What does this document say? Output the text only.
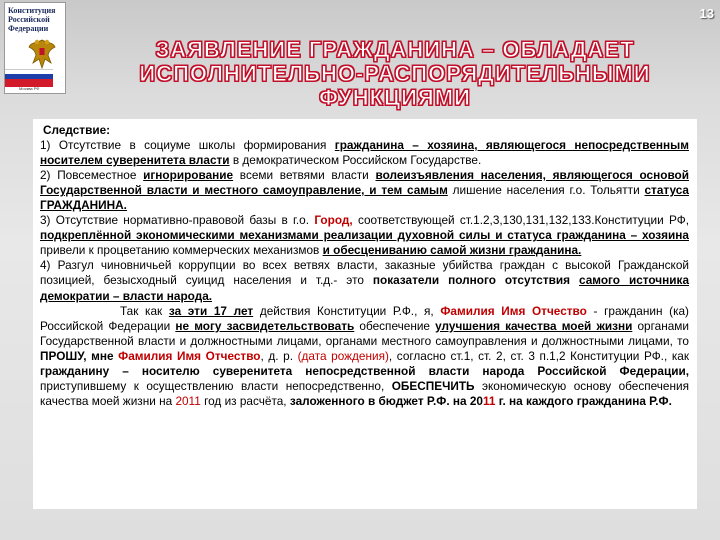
Конституция
Российской
Федерации
Москва РФ
13
ЗАЯВЛЕНИЕ ГРАЖДАНИНА – ОБЛАДАЕТ
ИСПОЛНИТЕЛЬНО-РАСПОРЯДИТЕЛЬНЫМИ ФУНКЦИЯМИ

Следствие:

1) Отсутствие в социуме школы формирования гражданина – хозяина, являющегося непосредственным носителем суверенитета власти в демократическом Российском Государстве.

2) Повсеместное игнорирование всеми ветвями власти волеизъявления населения, являющегося основой Государственной власти и местного самоуправление, и тем самым лишение населения г.о. Тольятти статуса ГРАЖДАНИНА.

3) Отсутствие нормативно-правовой базы в г.о. Город, соответствующей ст.1.2,3,130,131,132,133.Конституции РФ, подкреплённой экономическими механизмами реализации духовной силы и статуса гражданина – хозяина привели к процветанию коммерческих механизмов и обесцениванию самой жизни гражданина.

4) Разгул чиновничьей коррупции во всех ветвях власти, заказные убийства граждан с высокой Гражданской позицией, безысходный суицид населения и т.д.- это показатели полного отсутствия самого источника демократии – власти народа.

Так как за эти 17 лет действия Конституции Р.Ф., я, Фамилия Имя Отчество - гражданин (ка) Российской Федерации не могу засвидетельствовать обеспечение улучшения качества моей жизни органами Государственной власти и должностными лицами, органами местного самоуправления и должностными лицами, то ПРОШУ, мне Фамилия Имя Отчество, д. р. (дата рождения), согласно ст.1, ст. 2, ст. 3 п.1,2 Конституции РФ., как гражданину – носителю суверенитета непосредственной власти народа Российской Федерации, приступившему к осуществлению власти непосредственно, ОБЕСПЕЧИТЬ экономическую основу обеспечения качества моей жизни на 2011 год из расчёта, заложенного в бюджет Р.Ф. на 2011 г. на каждого гражданина Р.Ф.
